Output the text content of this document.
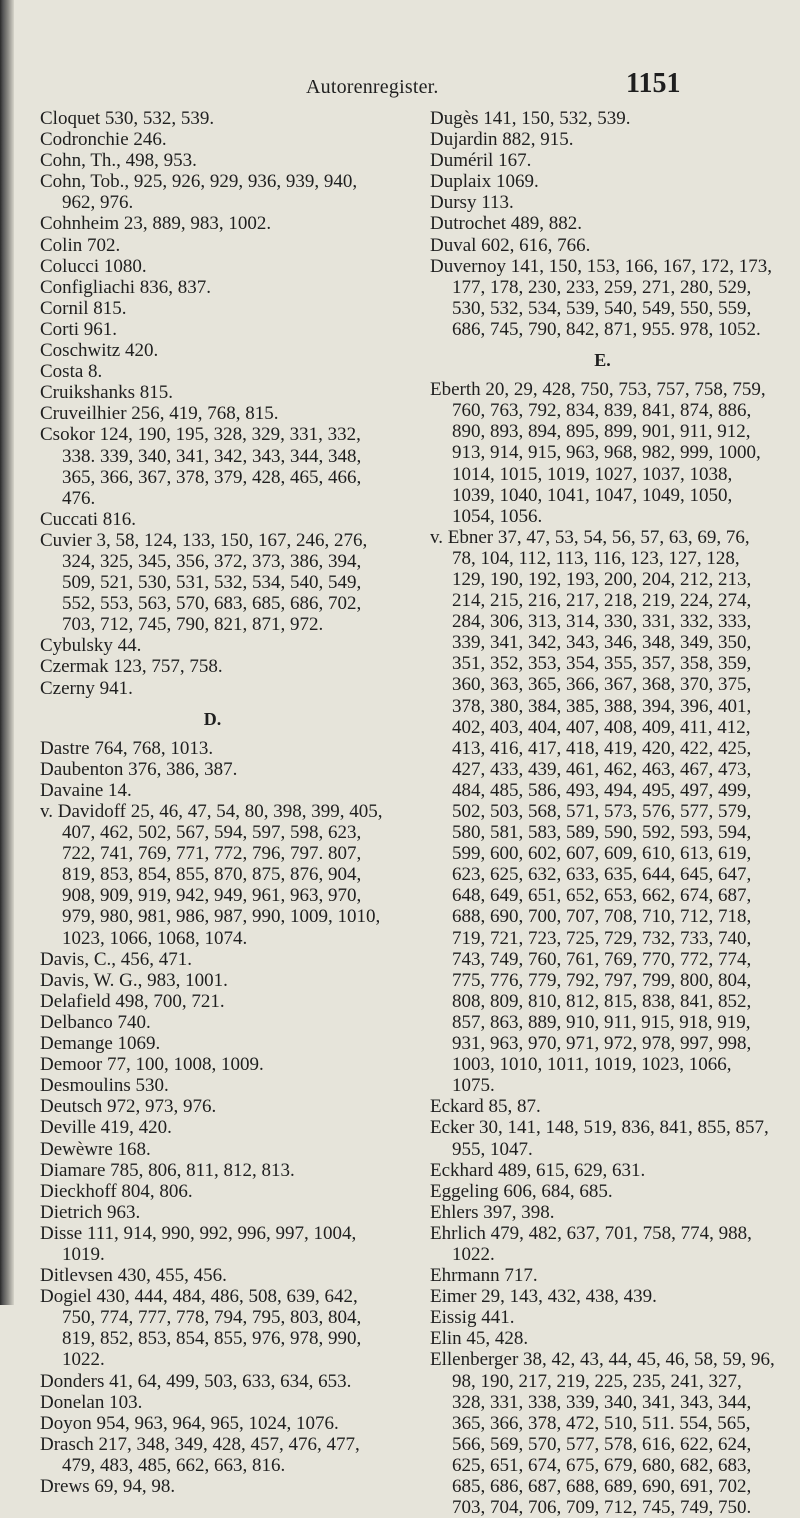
Autorenregister.	1151
Cloquet 530, 532, 539.
Codronchie 246.
Cohn, Th., 498, 953.
Cohn, Tob., 925, 926, 929, 936, 939, 940, 962, 976.
Cohnheim 23, 889, 983, 1002.
Colin 702.
Colucci 1080.
Configliachi 836, 837.
Cornil 815.
Corti 961.
Coschwitz 420.
Costa 8.
Cruikshanks 815.
Cruveilhier 256, 419, 768, 815.
Csokor 124, 190, 195, 328, 329, 331, 332, 338. 339, 340, 341, 342, 343, 344, 348, 365, 366, 367, 378, 379, 428, 465, 466, 476.
Cuccati 816.
Cuvier 3, 58, 124, 133, 150, 167, 246, 276, 324, 325, 345, 356, 372, 373, 386, 394, 509, 521, 530, 531, 532, 534, 540, 549, 552, 553, 563, 570, 683, 685, 686, 702, 703, 712, 745, 790, 821, 871, 972.
Cybulsky 44.
Czermak 123, 757, 758.
Czerny 941.
D.
Dastre 764, 768, 1013.
Daubenton 376, 386, 387.
Davaine 14.
v. Davidoff 25, 46, 47, 54, 80, 398, 399, 405, 407, 462, 502, 567, 594, 597, 598, 623, 722, 741, 769, 771, 772, 796, 797. 807, 819, 853, 854, 855, 870, 875, 876, 904, 908, 909, 919, 942, 949, 961, 963, 970, 979, 980, 981, 986, 987, 990, 1009, 1010, 1023, 1066, 1068, 1074.
Davis, C., 456, 471.
Davis, W. G., 983, 1001.
Delafield 498, 700, 721.
Delbanco 740.
Demange 1069.
Demoor 77, 100, 1008, 1009.
Desmoulins 530.
Deutsch 972, 973, 976.
Deville 419, 420.
Dewèwre 168.
Diamare 785, 806, 811, 812, 813.
Dieckhoff 804, 806.
Dietrich 963.
Disse 111, 914, 990, 992, 996, 997, 1004, 1019.
Ditlevsen 430, 455, 456.
Dogiel 430, 444, 484, 486, 508, 639, 642, 750, 774, 777, 778, 794, 795, 803, 804, 819, 852, 853, 854, 855, 976, 978, 990, 1022.
Donders 41, 64, 499, 503, 633, 634, 653.
Donelan 103.
Doyon 954, 963, 964, 965, 1024, 1076.
Drasch 217, 348, 349, 428, 457, 476, 477, 479, 483, 485, 662, 663, 816.
Drews 69, 94, 98.
Dugès 141, 150, 532, 539.
Dujardin 882, 915.
Duméril 167.
Duplaix 1069.
Dursy 113.
Dutrochet 489, 882.
Duval 602, 616, 766.
Duvernoy 141, 150, 153, 166, 167, 172, 173, 177, 178, 230, 233, 259, 271, 280, 529, 530, 532, 534, 539, 540, 549, 550, 559, 686, 745, 790, 842, 871, 955. 978, 1052.
E.
Eberth 20, 29, 428, 750, 753, 757, 758, 759, 760, 763, 792, 834, 839, 841, 874, 886, 890, 893, 894, 895, 899, 901, 911, 912, 913, 914, 915, 963, 968, 982, 999, 1000, 1014, 1015, 1019, 1027, 1037, 1038, 1039, 1040, 1041, 1047, 1049, 1050, 1054, 1056.
v. Ebner 37, 47, 53, 54, 56, 57, 63, 69, 76, 78, 104, 112, 113, 116, 123, 127, 128, 129, 190, 192, 193, 200, 204, 212, 213, 214, 215, 216, 217, 218, 219, 224, 274, 284, 306, 313, 314, 330, 331, 332, 333, 339, 341, 342, 343, 346, 348, 349, 350, 351, 352, 353, 354, 355, 357, 358, 359, 360, 363, 365, 366, 367, 368, 370, 375, 378, 380, 384, 385, 388, 394, 396, 401, 402, 403, 404, 407, 408, 409, 411, 412, 413, 416, 417, 418, 419, 420, 422, 425, 427, 433, 439, 461, 462, 463, 467, 473, 484, 485, 586, 493, 494, 495, 497, 499, 502, 503, 568, 571, 573, 576, 577, 579, 580, 581, 583, 589, 590, 592, 593, 594, 599, 600, 602, 607, 609, 610, 613, 619, 623, 625, 632, 633, 635, 644, 645, 647, 648, 649, 651, 652, 653, 662, 674, 687, 688, 690, 700, 707, 708, 710, 712, 718, 719, 721, 723, 725, 729, 732, 733, 740, 743, 749, 760, 761, 769, 770, 772, 774, 775, 776, 779, 792, 797, 799, 800, 804, 808, 809, 810, 812, 815, 838, 841, 852, 857, 863, 889, 910, 911, 915, 918, 919, 931, 963, 970, 971, 972, 978, 997, 998, 1003, 1010, 1011, 1019, 1023, 1066, 1075.
Eckard 85, 87.
Ecker 30, 141, 148, 519, 836, 841, 855, 857, 955, 1047.
Eckhard 489, 615, 629, 631.
Eggeling 606, 684, 685.
Ehlers 397, 398.
Ehrlich 479, 482, 637, 701, 758, 774, 988, 1022.
Ehrmann 717.
Eimer 29, 143, 432, 438, 439.
Eissig 441.
Elin 45, 428.
Ellenberger 38, 42, 43, 44, 45, 46, 58, 59, 96, 98, 190, 217, 219, 225, 235, 241, 327, 328, 331, 338, 339, 340, 341, 343, 344, 365, 366, 378, 472, 510, 511. 554, 565, 566, 569, 570, 577, 578, 616, 622, 624, 625, 651, 674, 675, 679, 680, 682, 683, 685, 686, 687, 688, 689, 690, 691, 702, 703, 704, 706, 709, 712, 745, 749, 750.
